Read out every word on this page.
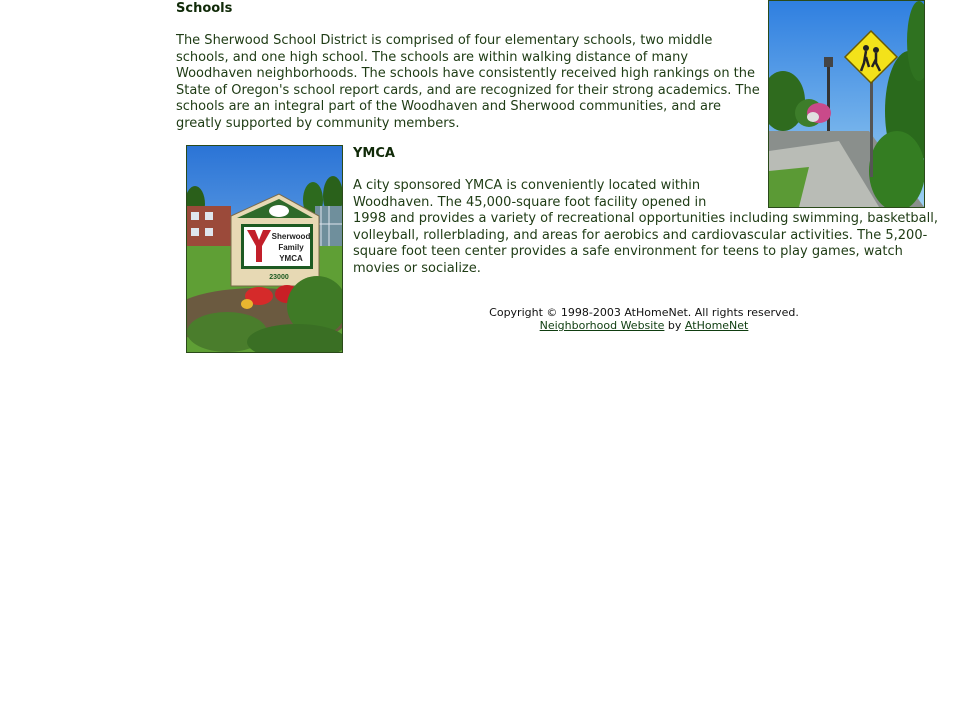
Schools
The Sherwood School District is comprised of four elementary schools, two middle schools, and one high school. The schools are within walking distance of many Woodhaven neighborhoods. The schools have consistently received high rankings on the State of Oregon's school report cards, and are recognized for their strong academics. The schools are an integral part of the Woodhaven and Sherwood communities, and are greatly supported by community members.
Sherwood
Family
YMCA
23000
YMCA
A city sponsored YMCA is conveniently located within Woodhaven. The 45,000-square foot facility opened in 1998 and provides a variety of recreational opportunities including swimming, basketball, volleyball, rollerblading, and areas for aerobics and cardiovascular activities. The 5,200-square foot teen center provides a safe environment for teens to play games, watch movies or socialize.
Copyright © 1998-2003 AtHomeNet. All rights reserved.
Neighborhood Website by AtHomeNet
